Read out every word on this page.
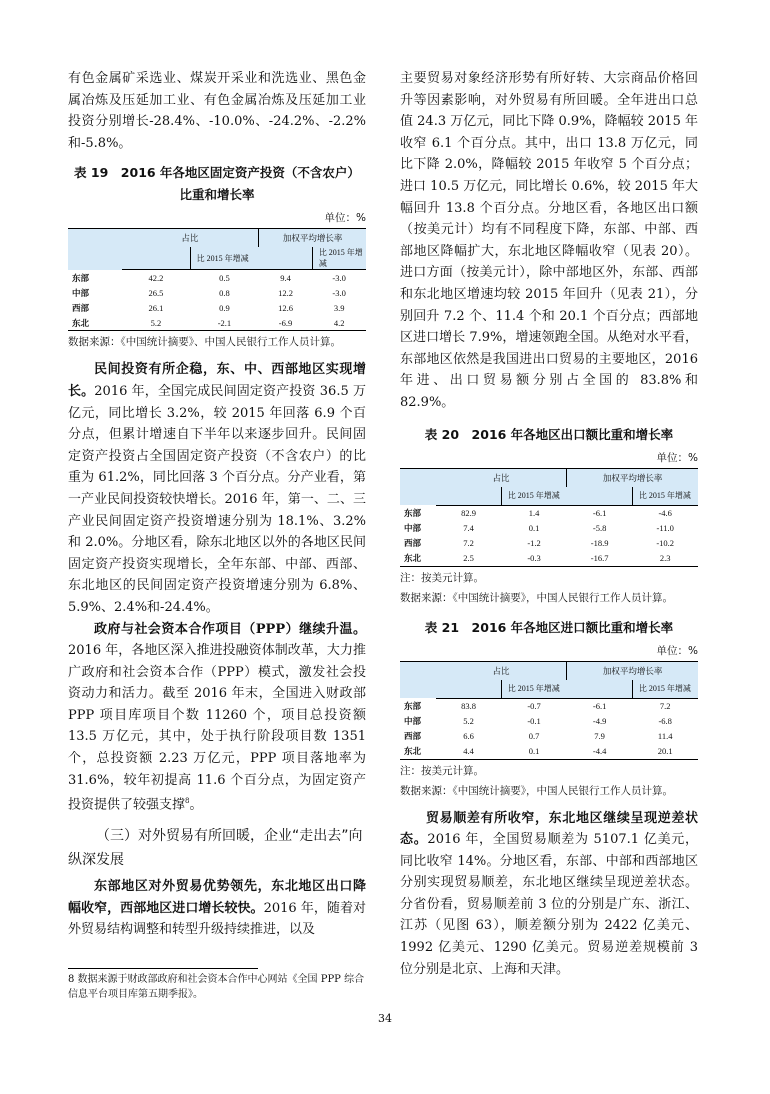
有色金属矿采选业、煤炭开采业和洗选业、黑色金属冶炼及压延加工业、有色金属冶炼及压延加工业投资分别增长-28.4%、-10.0%、-24.2%、-2.2%和-5.8%。

表 19　2016 年各地区固定资产投资（不含农户）
比重和增长率
单位：%
	占比		加权平均增长率	
		比 2015 年增减		比 2015 年增减
东部	42.2	0.5	9.4	-3.0
中部	26.5	0.8	12.2	-3.0
西部	26.1	0.9	12.6	3.9
东北	5.2	-2.1	-6.9	4.2
数据来源：《中国统计摘要》、中国人民银行工作人员计算。

民间投资有所企稳，东、中、西部地区实现增长。2016 年，全国完成民间固定资产投资 36.5 万亿元，同比增长 3.2%，较 2015 年回落 6.9 个百分点，但累计增速自下半年以来逐步回升。民间固定资产投资占全国固定资产投资（不含农户）的比重为 61.2%，同比回落 3 个百分点。分产业看，第一产业民间投资较快增长。2016 年，第一、二、三产业民间固定资产投资增速分别为 18.1%、3.2%和 2.0%。分地区看，除东北地区以外的各地区民间固定资产投资实现增长，全年东部、中部、西部、东北地区的民间固定资产投资增速分别为 6.8%、5.9%、2.4%和-24.4%。

政府与社会资本合作项目（PPP）继续升温。2016 年，各地区深入推进投融资体制改革，大力推广政府和社会资本合作（PPP）模式，激发社会投资动力和活力。截至 2016 年末，全国进入财政部 PPP 项目库项目个数 11260 个，项目总投资额 13.5 万亿元，其中，处于执行阶段项目数 1351 个，总投资额 2.23 万亿元，PPP 项目落地率为 31.6%，较年初提高 11.6 个百分点，为固定资产投资提供了较强支撑$^8$。

（三）对外贸易有所回暖，企业“走出去”向纵深发展

东部地区对外贸易优势领先，东北地区出口降幅收窄，西部地区进口增长较快。2016 年，随着对外贸易结构调整和转型升级持续推进，以及

8 数据来源于财政部政府和社会资本合作中心网站《全国 PPP 综合信息平台项目库第五期季报》。

主要贸易对象经济形势有所好转、大宗商品价格回升等因素影响，对外贸易有所回暖。全年进出口总值 24.3 万亿元，同比下降 0.9%，降幅较 2015 年收窄 6.1 个百分点。其中，出口 13.8 万亿元，同比下降 2.0%，降幅较 2015 年收窄 5 个百分点；进口 10.5 万亿元，同比增长 0.6%，较 2015 年大幅回升 13.8 个百分点。分地区看，各地区出口额（按美元计）均有不同程度下降，东部、中部、西部地区降幅扩大，东北地区降幅收窄（见表 20）。进口方面（按美元计），除中部地区外，东部、西部和东北地区增速均较 2015 年回升（见表 21），分别回升 7.2 个、11.4 个和 20.1 个百分点；西部地区进口增长 7.9%，增速领跑全国。从绝对水平看，东部地区依然是我国进出口贸易的主要地区，2016 年进、出口贸易额分别占全国的 83.8%和 82.9%。

表 20　2016 年各地区出口额比重和增长率
单位：%
	占比		加权平均增长率	
		比 2015 年增减		比 2015 年增减
东部	82.9	1.4	-6.1	-4.6
中部	7.4	0.1	-5.8	-11.0
西部	7.2	-1.2	-18.9	-10.2
东北	2.5	-0.3	-16.7	2.3
注：按美元计算。
数据来源：《中国统计摘要》，中国人民银行工作人员计算。
表 21　2016 年各地区进口额比重和增长率
单位：%
	占比		加权平均增长率	
		比 2015 年增减		比 2015 年增减
东部	83.8	-0.7	-6.1	7.2
中部	5.2	-0.1	-4.9	-6.8
西部	6.6	0.7	7.9	11.4
东北	4.4	0.1	-4.4	20.1
注：按美元计算。
数据来源：《中国统计摘要》，中国人民银行工作人员计算。

贸易顺差有所收窄，东北地区继续呈现逆差状态。2016 年，全国贸易顺差为 5107.1 亿美元，同比收窄 14%。分地区看，东部、中部和西部地区分别实现贸易顺差，东北地区继续呈现逆差状态。分省份看，贸易顺差前 3 位的分别是广东、浙江、江苏（见图 63），顺差额分别为 2422 亿美元、1992 亿美元、1290 亿美元。贸易逆差规模前 3 位分别是北京、上海和天津。

34
